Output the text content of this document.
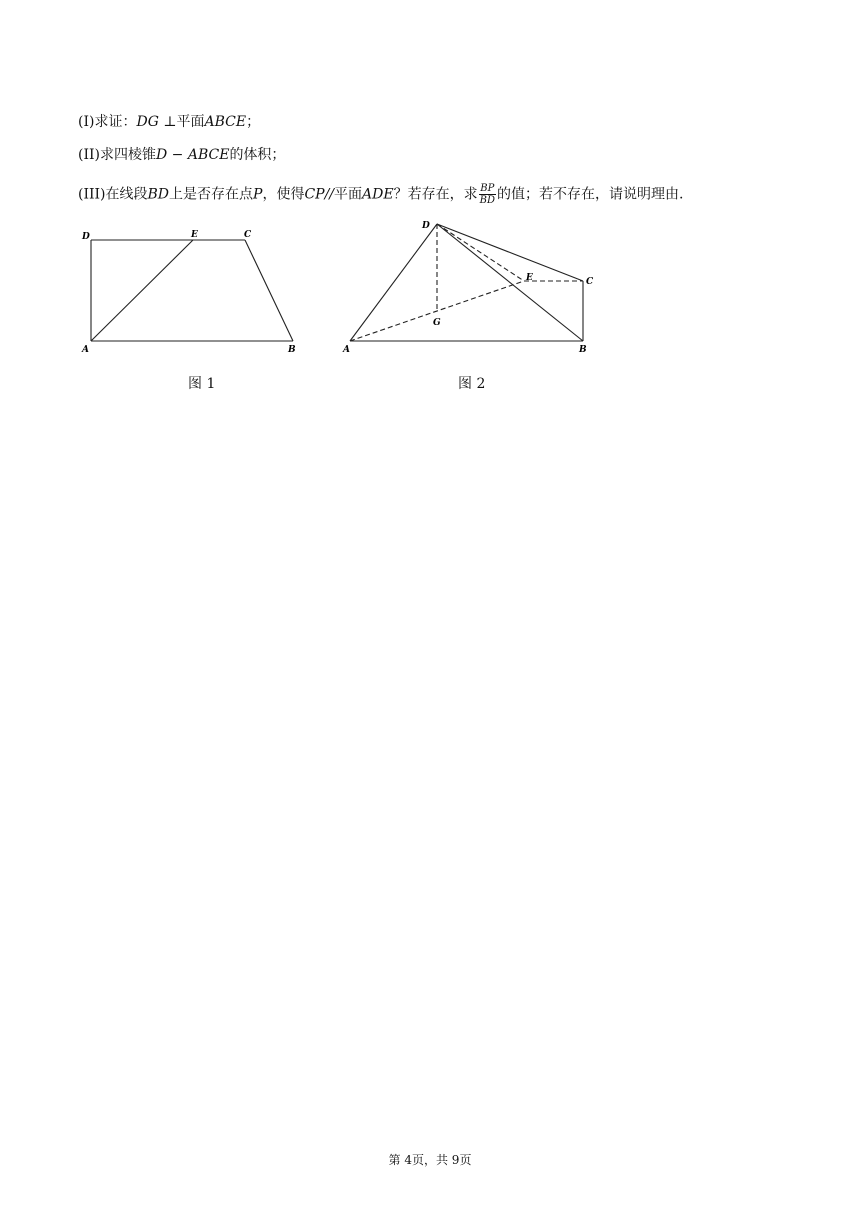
(I)求证：DG ⊥平面ABCE；
(II)求四棱锥D − ABCE的体积；
(III)在线段BD上是否存在点P，使得CP//平面ADE？若存在，求 $\frac{BP}{BD}$ 的值；若不存在，请说明理由.
D	E	C
A	B
图 1
D
E	C
G
A	B
图 2
第 4页，共 9页
